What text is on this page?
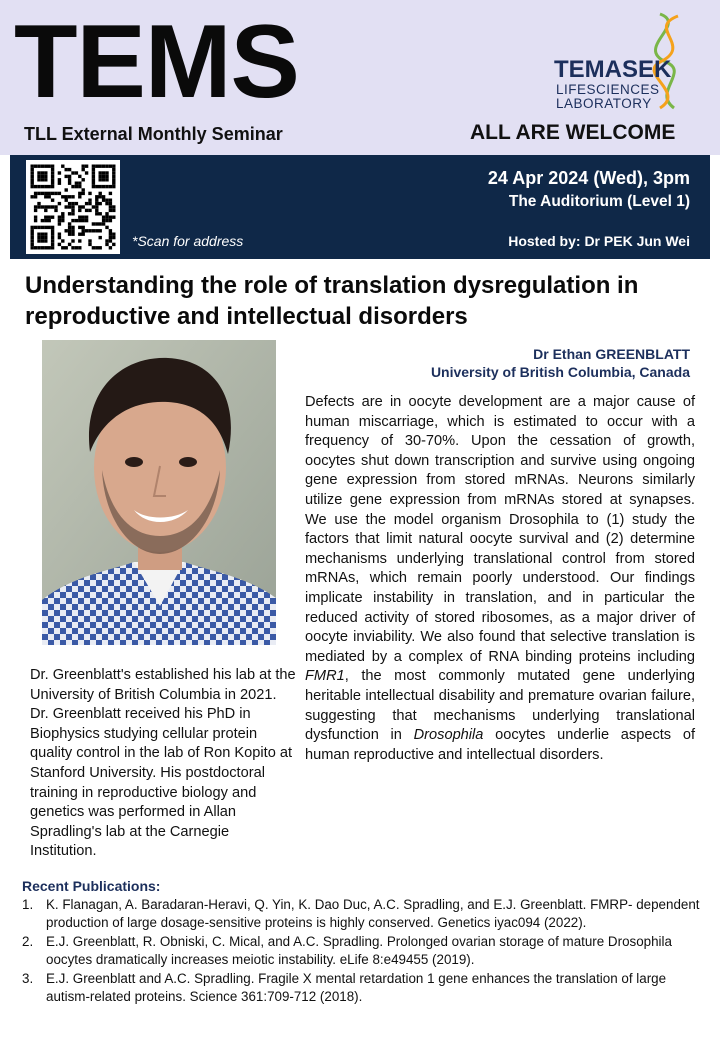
TEMS
TLL External Monthly Seminar
TEMASEK
LIFESCIENCES
LABORATORY
ALL ARE WELCOME
*Scan for address
24 Apr 2024 (Wed), 3pm
The Auditorium (Level 1)
Hosted by: Dr PEK Jun Wei
Understanding the role of translation dysregulation in reproductive and intellectual disorders
Dr Ethan GREENBLATT
University of British Columbia, Canada
Defects are in oocyte development are a major cause of human miscarriage, which is estimated to occur with a frequency of 30-70%. Upon the cessation of growth, oocytes shut down transcription and survive using ongoing gene expression from stored mRNAs. Neurons similarly utilize gene expression from mRNAs stored at synapses. We use the model organism Drosophila to (1) study the factors that limit natural oocyte survival and (2) determine mechanisms underlying translational control from stored mRNAs, which remain poorly understood. Our findings implicate instability in translation, and in particular the reduced activity of stored ribosomes, as a major driver of oocyte inviability. We also found that selective translation is mediated by a complex of RNA binding proteins including FMR1, the most commonly mutated gene underlying heritable intellectual disability and premature ovarian failure, suggesting that mechanisms underlying translational dysfunction in Drosophila oocytes underlie aspects of human reproductive and intellectual disorders.
Dr. Greenblatt's established his lab at the University of British Columbia in 2021. Dr. Greenblatt received his PhD in Biophysics studying cellular protein quality control in the lab of Ron Kopito at Stanford University. His postdoctoral training in reproductive biology and genetics was performed in Allan Spradling's lab at the Carnegie Institution.
Recent Publications:
1. K. Flanagan, A. Baradaran-Heravi, Q. Yin, K. Dao Duc, A.C. Spradling, and E.J. Greenblatt. FMRP- dependent production of large dosage-sensitive proteins is highly conserved. Genetics iyac094 (2022).
2. E.J. Greenblatt, R. Obniski, C. Mical, and A.C. Spradling. Prolonged ovarian storage of mature Drosophila oocytes dramatically increases meiotic instability. eLife 8:e49455 (2019).
3. E.J. Greenblatt and A.C. Spradling. Fragile X mental retardation 1 gene enhances the translation of large autism-related proteins. Science 361:709-712 (2018).
